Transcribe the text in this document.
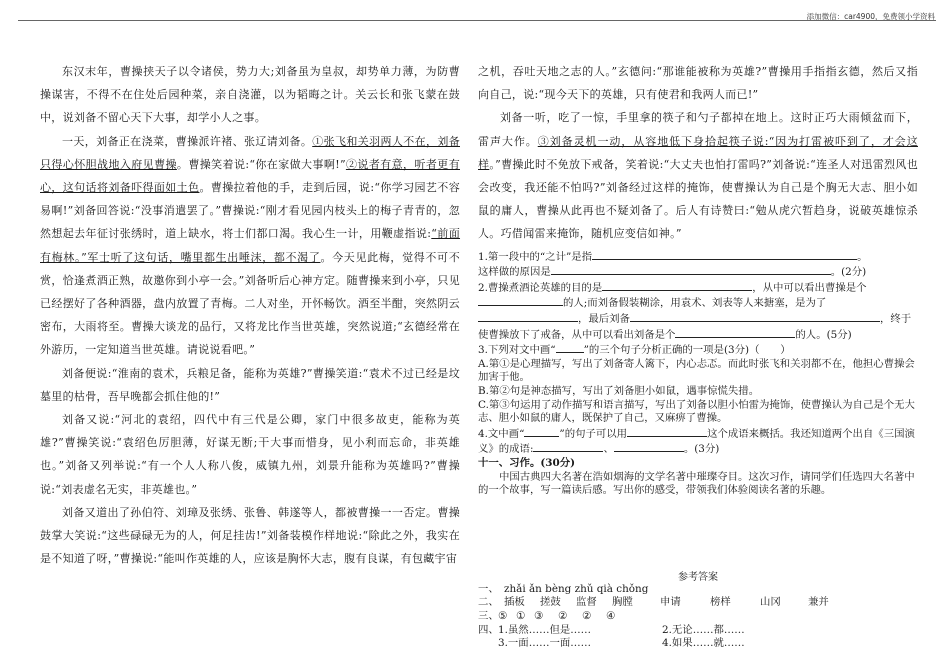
添加微信：car4900，免费领小学资料

东汉末年，曹操挟天子以令诸侯，势力大;刘备虽为皇叔，却势单力薄，为防曹操谋害，不得不在住处后园种菜，亲自浇灌，以为韬晦之计。关云长和张飞蒙在鼓中，说刘备不留心天下大事，却学小人之事。

一天，刘备正在浇菜，曹操派许褚、张辽请刘备。①张飞和关羽两人不在，刘备只得心怀胆战地入府见曹操。曹操笑着说:“你在家做大事啊!”②说者有意，听者更有心，这句话将刘备吓得面如土色。曹操拉着他的手，走到后园，说:“你学习园艺不容易啊!”刘备回答说:“没事消遣罢了。”曹操说:“刚才看见园内枝头上的梅子青青的，忽然想起去年征讨张绣时，道上缺水，将士们都口渴。我心生一计，用鞭虚指说:“前面有梅林。”军士听了这句话，嘴里都生出唾沫，都不渴了。今天见此梅，觉得不可不赏，恰逢煮酒正熟，故邀你到小亭一会。”刘备听后心神方定。随曹操来到小亭，只见已经摆好了各种酒器，盘内放置了青梅。二人对坐，开怀畅饮。酒至半酣，突然阴云密布，大雨将至。曹操大谈龙的品行，又将龙比作当世英雄，突然说道;“玄德经常在外游历，一定知道当世英雄。请说说看吧。”

刘备便说:“淮南的袁术，兵粮足备，能称为英雄?”曹操笑道:“袁术不过已经是坟墓里的枯骨，吾早晚都会抓住他的!”

刘备又说:“河北的袁绍，四代中有三代是公卿，家门中很多故吏，能称为英雄?”曹操笑说:“袁绍色厉胆薄，好谋无断;干大事而惜身，见小利而忘命，非英雄也。”刘备又列举说:“有一个人人称八俊，威镇九州，刘景升能称为英雄吗?”曹操说:“刘表虚名无实，非英雄也。”

刘备又道出了孙伯符、刘璋及张绣、张鲁、韩遂等人，都被曹操一一否定。曹操鼓掌大笑说:“这些碌碌无为的人，何足挂齿!”刘备装模作样地说:“除此之外，我实在是不知道了呀，”曹操说:“能叫作英雄的人，应该是胸怀大志，腹有良谋，有包藏宇宙

之机，吞吐天地之志的人。”玄德问:“那谁能被称为英雄?”曹操用手指指玄德，然后又指向自己，说:“现今天下的英雄，只有使君和我两人而已!”

刘备一听，吃了一惊，手里拿的筷子和勺子都掉在地上。这时正巧大雨倾盆而下，雷声大作。③刘备灵机一动，从容地低下身拾起筷子说:“因为打雷被吓到了，才会这样。”曹操此时不免放下戒备，笑着说:“大丈夫也怕打雷吗?”刘备说:“连圣人对迅雷烈风也会改变，我还能不怕吗?”刘备经过这样的掩饰，使曹操认为自己是个胸无大志、胆小如鼠的庸人，曹操从此再也不疑刘备了。后人有诗赞曰:“勉从虎穴暂趋身，说破英雄惊杀人。巧借闻雷来掩饰，随机应变信如神。”

1.第一段中的“之计”是指	。
这样做的原因是	。(2分)

2.曹操煮酒论英雄的目的是	，从中可以看出曹操是个
的人;而刘备假装糊涂，用袁术、刘表等人来搪塞，是为了
，最后刘备	，终于
使曹操放下了戒备，从中可以看出刘备是个	的人。(5分)

3.下列对文中画“	”的三个句子分析正确的一项是(3分)（　　）

A.第①是心理描写，写出了刘备寄人篱下，内心忐忑。而此时张飞和关羽都不在，他担心曹操会加害于他。

B.第②句是神态描写，写出了刘备胆小如鼠，遇事惊慌失措。

C.第③句运用了动作描写和语言描写，写出了刘备以胆小怕雷为掩饰，使曹操认为自己是个无大志、胆小如鼠的庸人，既保护了自己，又麻痹了曹操。

4.文中画“	”的句子可以用	这个成语来概括。我还知道两个出自《三国演义》的成语:	、	。(3分)

十一、习作。(30分)

中国古典四大名著在浩如烟海的文学名著中璀璨夺目。这次习作，请同学们任选四大名著中的一个故事，写一篇读后感。写出你的感受，带领我们体验阅读名著的乐趣。

参考答案
一、 zhǎi ǎn bèng zhǔ qià chǒng
二、 插板 搓鼓 监督 胸膛	申请	榜样	山冈	兼并
三、⑤ ① ③ ② ② ④
四、1.虽然……但是……	2.无论……都……
3.一面……一面……	4.如果……就……
